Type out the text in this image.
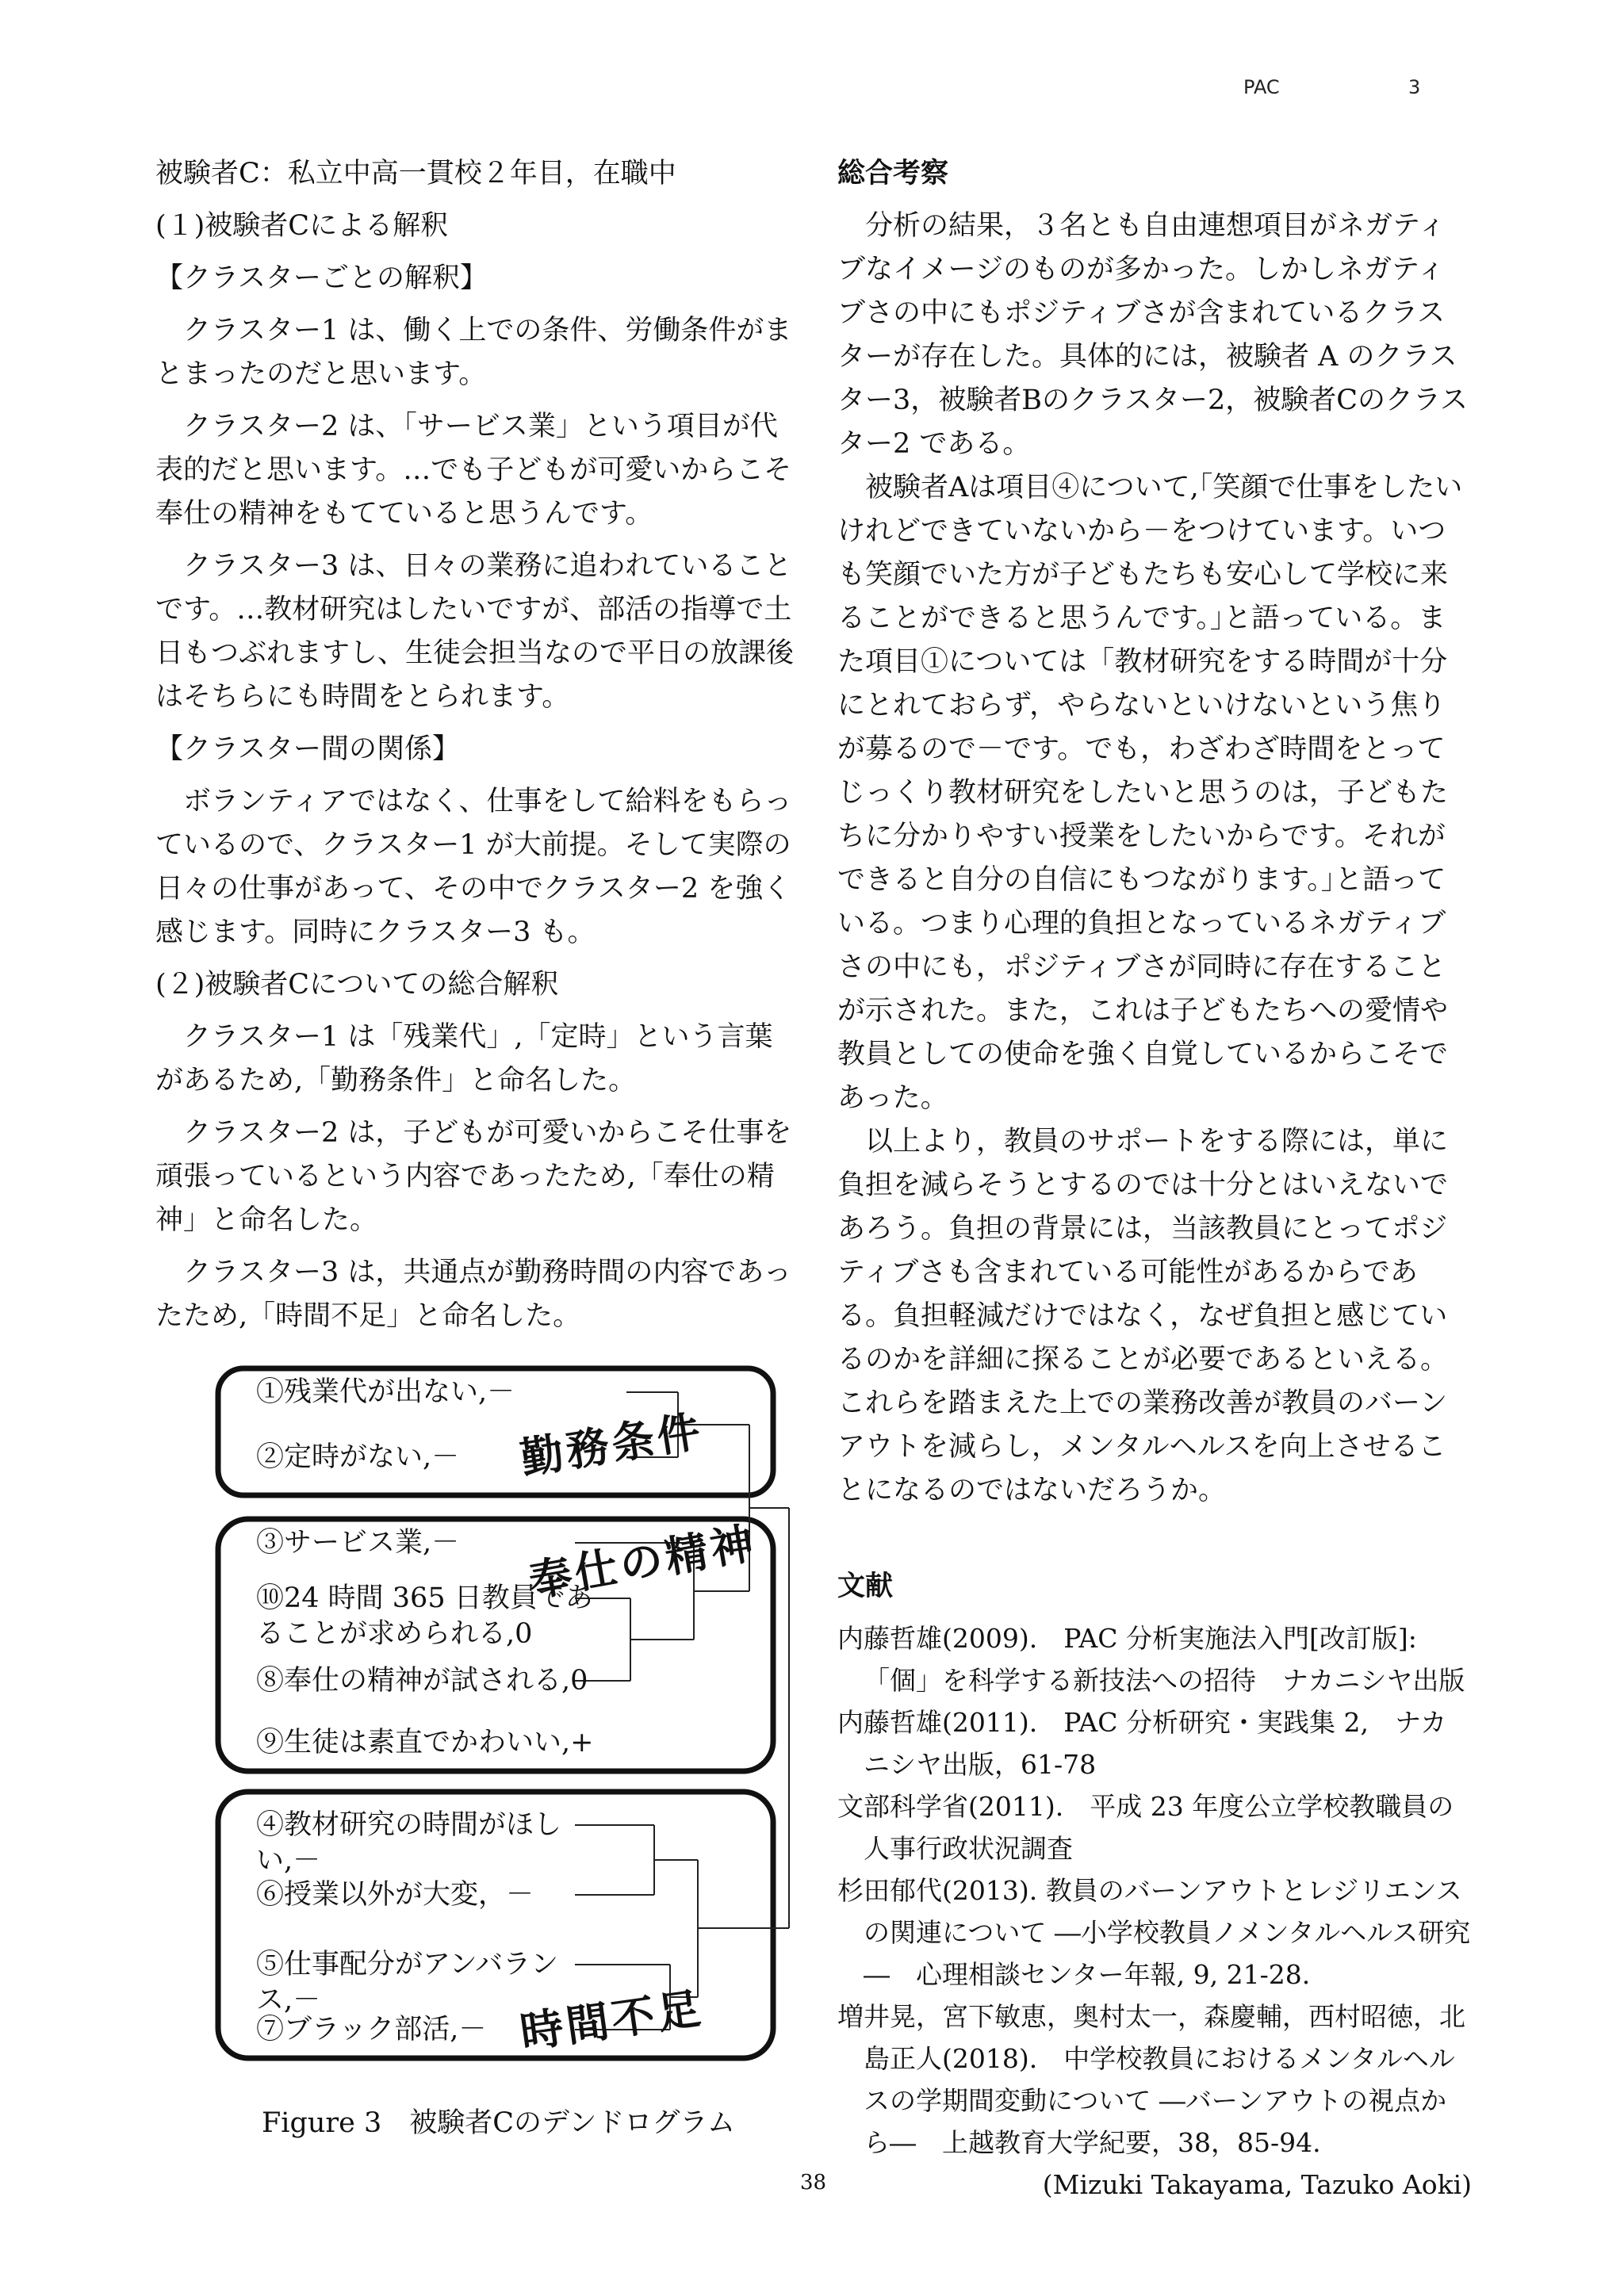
PAC	3

被験者C：私立中高一貫校２年目，在職中

(１)被験者Cによる解釈

【クラスターごとの解釈】

クラスター1 は、働く上での条件、労働条件がまとまったのだと思います。

クラスター2 は、「サービス業」という項目が代表的だと思います。…でも子どもが可愛いからこそ奉仕の精神をもてていると思うんです。

クラスター3 は、日々の業務に追われていることです。…教材研究はしたいですが、部活の指導で土日もつぶれますし、生徒会担当なので平日の放課後はそちらにも時間をとられます。

【クラスター間の関係】

ボランティアではなく、仕事をして給料をもらっているので、クラスター1 が大前提。そして実際の日々の仕事があって、その中でクラスター2 を強く感じます。同時にクラスター3 も。

(２)被験者Cについての総合解釈

クラスター1 は「残業代」,「定時」という言葉があるため,「勤務条件」と命名した。

クラスター2 は，子どもが可愛いからこそ仕事を頑張っているという内容であったため,「奉仕の精神」と命名した。

クラスター3 は，共通点が勤務時間の内容であったため,「時間不足」と命名した。

①残業代が出ない,－
②定時がない,－
③サービス業,－
⑩24 時間 365 日教員であ
ることが求められる,0
⑧奉仕の精神が試される,0
⑨生徒は素直でかわいい,+
④教材研究の時間がほし
い,－
⑥授業以外が大変，－
⑤仕事配分がアンバラン
ス,－
⑦ブラック部活,－
勤務条件
奉仕の精神
時間不足
Figure 3　被験者Cのデンドログラム

総合考察

分析の結果，３名とも自由連想項目がネガティブなイメージのものが多かった。しかしネガティブさの中にもポジティブさが含まれているクラスターが存在した。具体的には，被験者 A のクラスター3，被験者Bのクラスター2，被験者Cのクラスター2 である。

被験者Aは項目④について,｢笑顔で仕事をしたいけれどできていないから－をつけています。いつも笑顔でいた方が子どもたちも安心して学校に来ることができると思うんです。｣と語っている。また項目①については「教材研究をする時間が十分にとれておらず，やらないといけないという焦りが募るので－です。でも，わざわざ時間をとってじっくり教材研究をしたいと思うのは，子どもたちに分かりやすい授業をしたいからです。それができると自分の自信にもつながります。｣と語っている。つまり心理的負担となっているネガティブさの中にも，ポジティブさが同時に存在することが示された。また，これは子どもたちへの愛情や教員としての使命を強く自覚しているからこそであった。

以上より，教員のサポートをする際には，単に負担を減らそうとするのでは十分とはいえないであろう。負担の背景には，当該教員にとってポジティブさも含まれている可能性があるからである。負担軽減だけではなく，なぜ負担と感じているのかを詳細に探ることが必要であるといえる。これらを踏まえた上での業務改善が教員のバーンアウトを減らし，メンタルヘルスを向上させることになるのではないだろうか。

文献

内藤哲雄(2009).　PAC 分析実施法入門[改訂版]:「個」を科学する新技法への招待　ナカニシヤ出版

内藤哲雄(2011).　PAC 分析研究・実践集 2,　ナカニシヤ出版，61-78

文部科学省(2011).　平成 23 年度公立学校教職員の人事行政状況調査

杉田郁代(2013). 教員のバーンアウトとレジリエンスの関連について ―小学校教員ノメンタルヘルス研究―　心理相談センター年報, 9, 21-28.

増井晃，宮下敏恵，奥村太一，森慶輔，西村昭徳，北島正人(2018).　中学校教員におけるメンタルヘルスの学期間変動について ―バーンアウトの視点から―　上越教育大学紀要，38，85-94.

(Mizuki Takayama, Tazuko Aoki)

38
